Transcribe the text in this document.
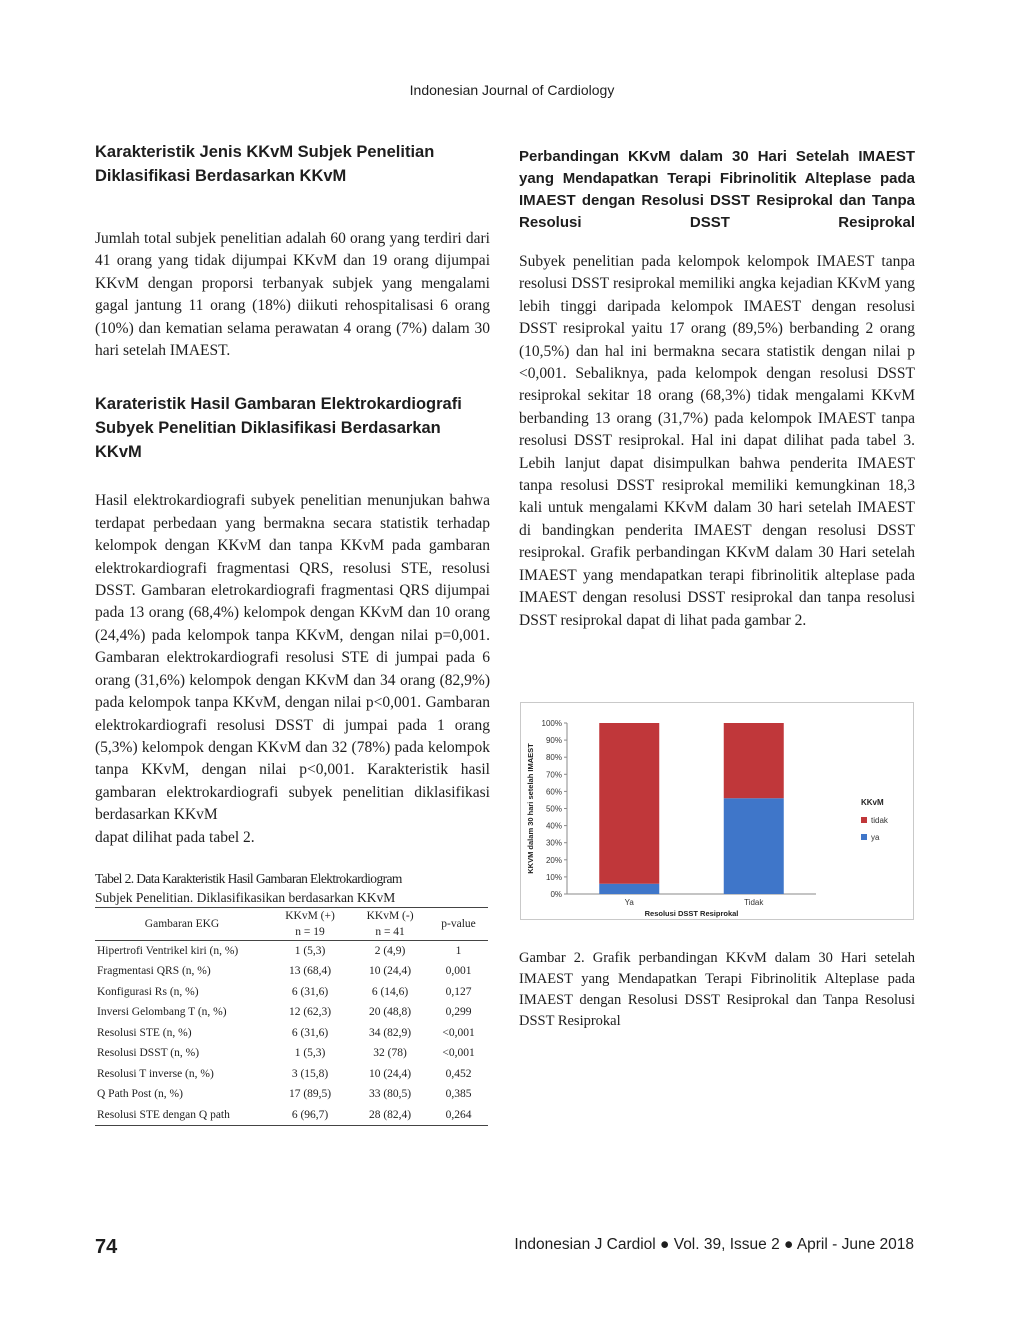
Indonesian Journal of Cardiology
Karakteristik Jenis KKvM Subjek Penelitian Diklasifikasi Berdasarkan KKvM

Jumlah total subjek penelitian adalah 60 orang yang terdiri dari 41 orang yang tidak dijumpai KKvM dan 19 orang dijumpai KKvM dengan proporsi terbanyak subjek yang mengalami gagal jantung 11 orang (18%) diikuti rehospitalisasi 6 orang (10%) dan kematian selama perawatan 4 orang (7%) dalam 30 hari setelah IMAEST.

Karateristik Hasil Gambaran Elektrokardiografi Subyek Penelitian Diklasifikasi Berdasarkan KKvM

Hasil elektrokardiografi subyek penelitian menunjukan bahwa terdapat perbedaan yang bermakna secara statistik terhadap kelompok dengan KKvM dan tanpa KKvM pada gambaran elektrokardiografi fragmentasi QRS, resolusi STE, resolusi DSST. Gambaran eletrokardiografi fragmentasi QRS dijumpai pada 13 orang (68,4%) kelompok dengan KKvM dan 10 orang (24,4%) pada kelompok tanpa KKvM, dengan nilai p=0,001. Gambaran elektrokardiografi resolusi STE di jumpai pada 6 orang (31,6%) kelompok dengan KKvM dan 34 orang (82,9%) pada kelompok tanpa KKvM, dengan nilai p<0,001. Gambaran elektrokardiografi resolusi DSST di jumpai pada 1 orang (5,3%) kelompok dengan KKvM dan 32 (78%) pada kelompok tanpa KKvM, dengan nilai p<0,001. Karakteristik hasil gambaran elektrokardiografi subyek penelitian diklasifikasi berdasarkan KKvM

dapat dilihat pada tabel 2.

Tabel 2. Data Karakteristik Hasil Gambaran Elektrokardiogram
Subjek Penelitian. Diklasifikasikan berdasarkan KKvM
Gambaran EKG	KKvM (+)	KKvM (-)	p-value
	n = 19	n = 41	
Hipertrofi Ventrikel kiri (n, %)	1 (5,3)	2 (4,9)	1
Fragmentasi QRS (n, %)	13 (68,4)	10 (24,4)	0,001
Konfigurasi Rs (n, %)	6 (31,6)	6 (14,6)	0,127
Inversi Gelombang T (n, %)	12 (62,3)	20 (48,8)	0,299
Resolusi STE (n, %)	6 (31,6)	34 (82,9)	<0,001
Resolusi DSST (n, %)	1 (5,3)	32 (78)	<0,001
Resolusi T inverse (n, %)	3 (15,8)	10 (24,4)	0,452
Q Path Post (n, %)	17 (89,5)	33 (80,5)	0,385
Resolusi STE dengan Q path	6 (96,7)	28 (82,4)	0,264
Perbandingan KKvM dalam 30 Hari Setelah IMAEST yang Mendapatkan Terapi Fibrinolitik Alteplase pada IMAEST dengan Resolusi DSST Resiprokal dan Tanpa Resolusi DSST Resiprokal

Subyek penelitian pada kelompok kelompok IMAEST tanpa resolusi DSST resiprokal memiliki angka kejadian KKvM yang lebih tinggi daripada kelompok IMAEST dengan resolusi DSST resiprokal yaitu 17 orang (89,5%) berbanding 2 orang (10,5%) dan hal ini bermakna secara statistik dengan nilai p <0,001. Sebaliknya, pada kelompok dengan resolusi DSST resiprokal sekitar 18 orang (68,3%) tidak mengalami KKvM berbanding 13 orang (31,7%) pada kelompok IMAEST tanpa resolusi DSST resiprokal. Hal ini dapat dilihat pada tabel 3. Lebih lanjut dapat disimpulkan bahwa penderita IMAEST tanpa resolusi DSST resiprokal memiliki kemungkinan 18,3 kali untuk mengalami KKvM dalam 30 hari setelah IMAEST di bandingkan penderita IMAEST dengan resolusi DSST resiprokal. Grafik perbandingan KKvM dalam 30 Hari setelah IMAEST yang mendapatkan terapi fibrinolitik alteplase pada IMAEST dengan resolusi DSST resiprokal dan tanpa resolusi DSST resiprokal dapat di lihat pada gambar 2.

0%
10%
20%
30%
40%
50%
60%
70%
80%
90%
100%
KKVM dalam 30 hari setelah IMAEST
Ya	Tidak
Resolusi DSST Resiprokal
KKvM
tidak
ya
Gambar 2. Grafik perbandingan KKvM dalam 30 Hari setelah IMAEST yang Mendapatkan Terapi Fibrinolitik Alteplase pada IMAEST dengan Resolusi DSST Resiprokal dan Tanpa Resolusi DSST Resiprokal
74	Indonesian J Cardiol ● Vol. 39, Issue 2 ● April - June 2018
